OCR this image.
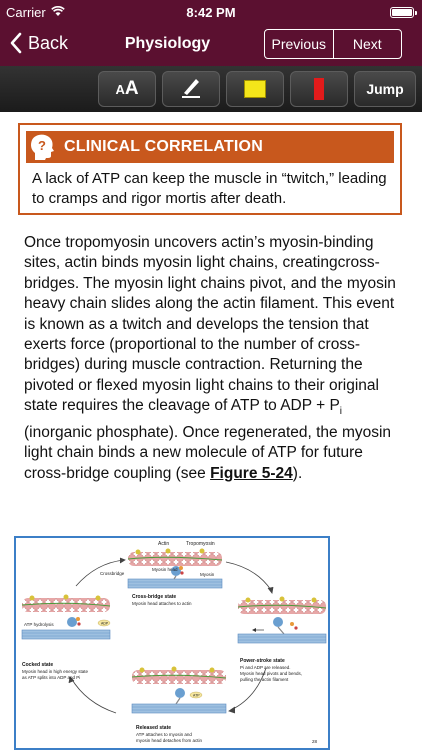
Carrier	8:42 PM
Back	Physiology	Previous	Next
A A	Jump
? CLINICAL CORRELATION
A lack of ATP can keep the muscle in “twitch,” leading to cramps and rigor mortis after death.
Once tropomyosin uncovers actin’s myosin-binding sites, actin binds myosin light chains, creatingcross-bridges. The myosin light chains pivot, and the myosin heavy chain slides along the actin filament. This event is known as a twitch and develops the tension that exerts force (proportional to the number of cross-bridges) during muscle contraction. Returning the pivoted or flexed myosin light chains to their original state requires the cleavage of ATP to ADP + $P_i$ (inorganic phosphate). Once regenerated, the myosin light chain binds a new molecule of ATP for future cross-bridge coupling (see Figure 5-24).
Actin	Tropomyosin
Crossbridge
Myosin head
Myosin
Cross-bridge state
Myosin head attaches to actin
ADP
ATP hydrolysis
Cocked state
Myosin head in high energy state
as ATP splits into ADP and Pi
Power-stroke state
Pi and ADP are released.
Myosin head pivots and bends,
pulling the actin filament
ATP
Released state
ATP attaches to myosin and
myosin head detaches from actin	28
